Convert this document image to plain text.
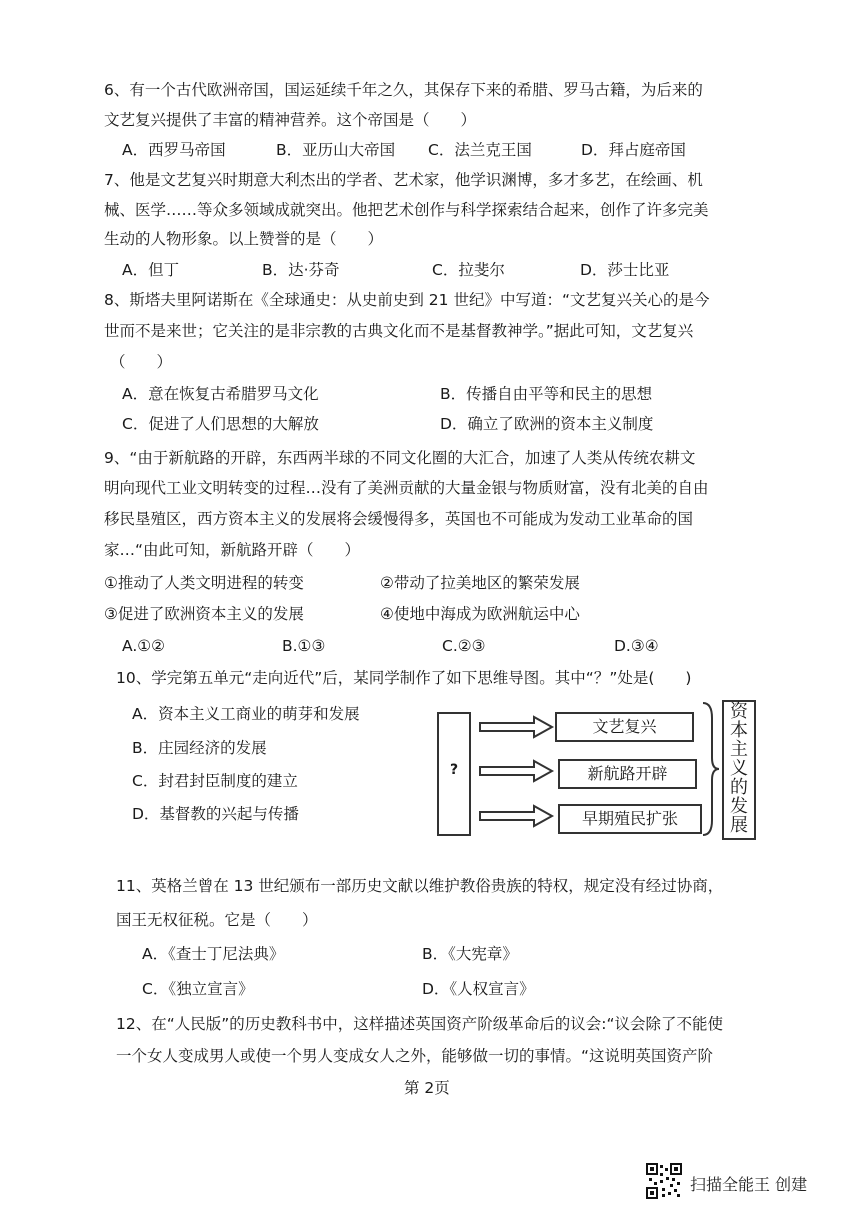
6、有一个古代欧洲帝国，国运延续千年之久，其保存下来的希腊、罗马古籍，为后来的
文艺复兴提供了丰富的精神营养。这个帝国是（　　）
A．西罗马帝国	B．亚历山大帝国 C．法兰克王国	D．拜占庭帝国
7、他是文艺复兴时期意大利杰出的学者、艺术家，他学识渊博，多才多艺，在绘画、机
械、医学……等众多领域成就突出。他把艺术创作与科学探索结合起来，创作了许多完美
生动的人物形象。以上赞誉的是（　　）
A．但丁	B．达·芬奇	C．拉斐尔	D．莎士比亚
8、斯塔夫里阿诺斯在《全球通史：从史前史到 21 世纪》中写道：“文艺复兴关心的是今
世而不是来世；它关注的是非宗教的古典文化而不是基督教神学。”据此可知，文艺复兴
（　　）
A．意在恢复古希腊罗马文化	B．传播自由平等和民主的思想
C．促进了人们思想的大解放	D．确立了欧洲的资本主义制度
9、“由于新航路的开辟，东西两半球的不同文化圈的大汇合，加速了人类从传统农耕文
明向现代工业文明转变的过程…没有了美洲贡献的大量金银与物质财富，没有北美的自由
移民垦殖区，西方资本主义的发展将会缓慢得多，英国也不可能成为发动工业革命的国
家…“由此可知，新航路开辟（　　）
①推动了人类文明进程的转变	②带动了拉美地区的繁荣发展
③促进了欧洲资本主义的发展	④使地中海成为欧洲航运中心
A.①②	B.①③	C.②③	D.③④
10、学完第五单元“走向近代”后，某同学制作了如下思维导图。其中“？”处是(　　)
A．资本主义工商业的萌芽和发展
B．庄园经济的发展
C．封君封臣制度的建立
D．基督教的兴起与传播
?
文艺复兴
新航路开辟
早期殖民扩张
资
本
主
义
的
发
展
11、英格兰曾在 13 世纪颁布一部历史文献以维护教俗贵族的特权，规定没有经过协商，
国王无权征税。它是（　　）
A．《查士丁尼法典》	B．《大宪章》
C．《独立宣言》	D．《人权宣言》
12、在“人民版”的历史教科书中，这样描述英国资产阶级革命后的议会:“议会除了不能使
一个女人变成男人或使一个男人变成女人之外，能够做一切的事情。“这说明英国资产阶
第 2页
扫描全能王 创建
